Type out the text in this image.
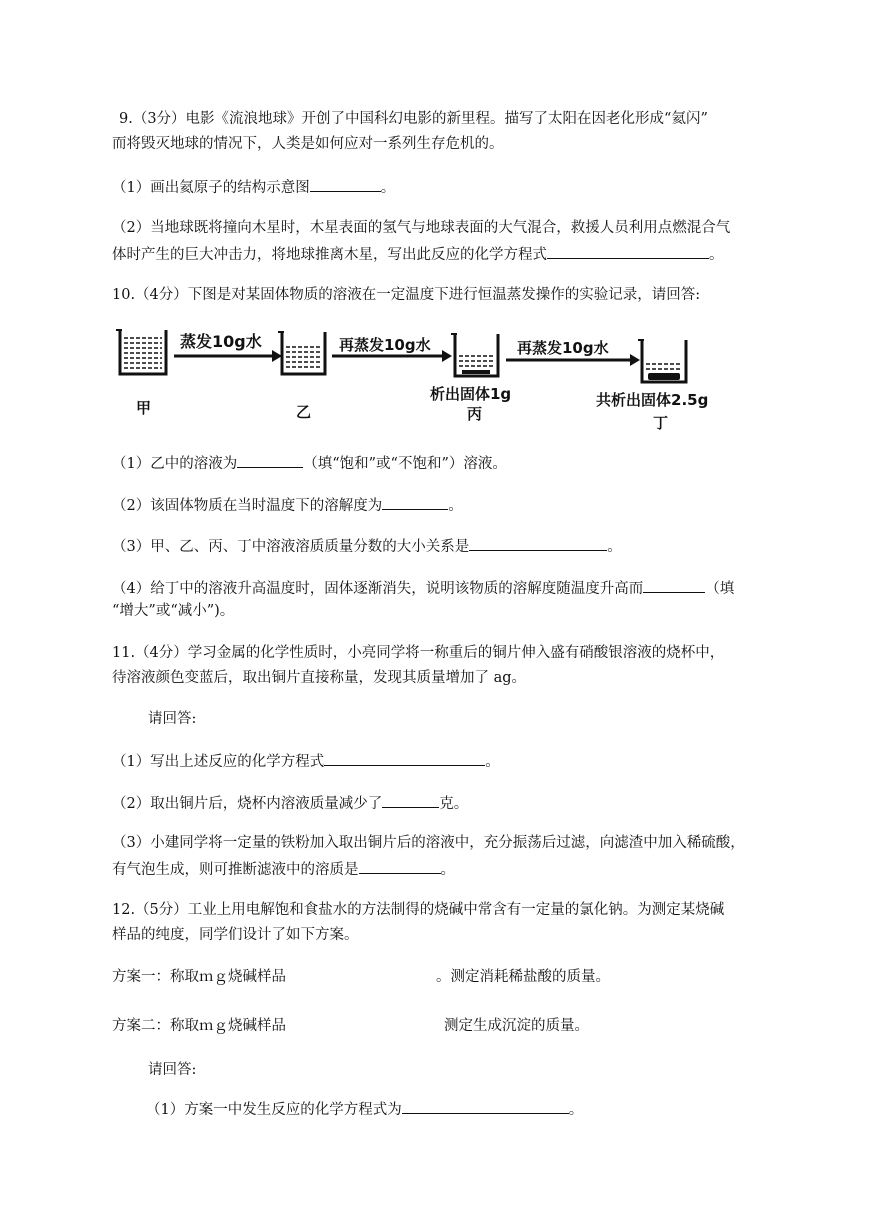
9.（3分）电影《流浪地球》开创了中国科幻电影的新里程。描写了太阳在因老化形成“氦闪”
而将毁灭地球的情况下，人类是如何应对一系列生存危机的。
（1）画出氦原子的结构示意图	。
（2）当地球既将撞向木星时，木星表面的氢气与地球表面的大气混合，救援人员利用点燃混合气
体时产生的巨大冲击力，将地球推离木星，写出此反应的化学方程式	。
10.（4分）下图是对某固体物质的溶液在一定温度下进行恒温蒸发操作的实验记录，请回答:
蒸发10g水	再蒸发10g水	再蒸发10g水
甲	乙
析出固体1g
丙
共析出固体2.5g
丁
（1）乙中的溶液为	（填“饱和”或“不饱和”）溶液。
（2）该固体物质在当时温度下的溶解度为	。
（3）甲、乙、丙、丁中溶液溶质质量分数的大小关系是	。
（4）给丁中的溶液升高温度时，固体逐渐消失，说明该物质的溶解度随温度升高而	（填
“增大”或“减小”)。
11.（4分）学习金属的化学性质时，小亮同学将一称重后的铜片伸入盛有硝酸银溶液的烧杯中，
待溶液颜色变蓝后，取出铜片直接称量，发现其质量增加了 ag。
请回答:
（1）写出上述反应的化学方程式	。
（2）取出铜片后，烧杯内溶液质量减少了	克。
（3）小建同学将一定量的铁粉加入取出铜片后的溶液中，充分振荡后过滤，向滤渣中加入稀硫酸，
有气泡生成，则可推断滤液中的溶质是	。
12.（5分）工业上用电解饱和食盐水的方法制得的烧碱中常含有一定量的氯化钠。为测定某烧碱
样品的纯度，同学们设计了如下方案。
方案一：称取ｍｇ烧碱样品	。测定消耗稀盐酸的质量。
方案二：称取ｍｇ烧碱样品	测定生成沉淀的质量。
请回答:
（1）方案一中发生反应的化学方程式为	。
